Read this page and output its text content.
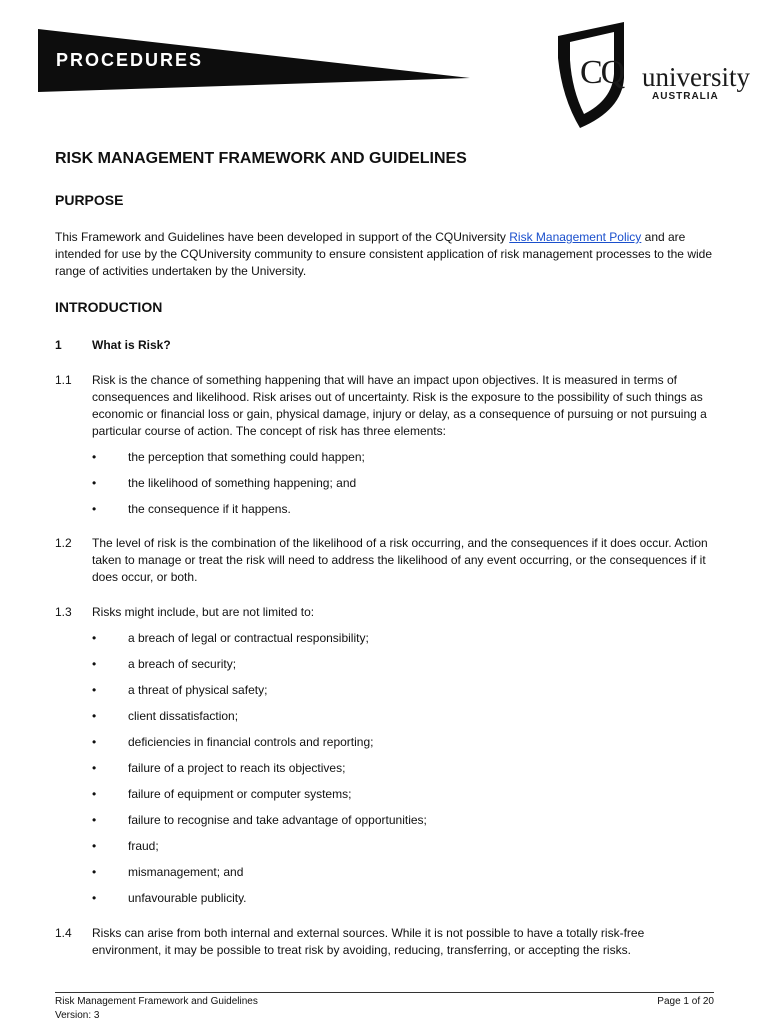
PROCEDURES	CQ university
AUSTRALIA
RISK MANAGEMENT FRAMEWORK AND GUIDELINES
PURPOSE
This Framework and Guidelines have been developed in support of the CQUniversity Risk Management Policy and are intended for use by the CQUniversity community to ensure consistent application of risk management processes to the wide range of activities undertaken by the University.
INTRODUCTION
1	What is Risk?
1.1 Risk is the chance of something happening that will have an impact upon objectives. It is measured in terms of consequences and likelihood. Risk arises out of uncertainty. Risk is the exposure to the possibility of such things as economic or financial loss or gain, physical damage, injury or delay, as a consequence of pursuing or not pursuing a particular course of action. The concept of risk has three elements:
•	the perception that something could happen;
•	the likelihood of something happening; and
•	the consequence if it happens.
1.2 The level of risk is the combination of the likelihood of a risk occurring, and the consequences if it does occur. Action taken to manage or treat the risk will need to address the likelihood of any event occurring, or the consequences if it does occur, or both.
1.3 Risks might include, but are not limited to:
•	a breach of legal or contractual responsibility;
•	a breach of security;
•	a threat of physical safety;
•	client dissatisfaction;
•	deficiencies in financial controls and reporting;
•	failure of a project to reach its objectives;
•	failure of equipment or computer systems;
•	failure to recognise and take advantage of opportunities;
•	fraud;
•	mismanagement; and
•	unfavourable publicity.
1.4 Risks can arise from both internal and external sources. While it is not possible to have a totally risk-free environment, it may be possible to treat risk by avoiding, reducing, transferring, or accepting the risks.
Risk Management Framework and Guidelines
Version: 3
Page 1 of 20
